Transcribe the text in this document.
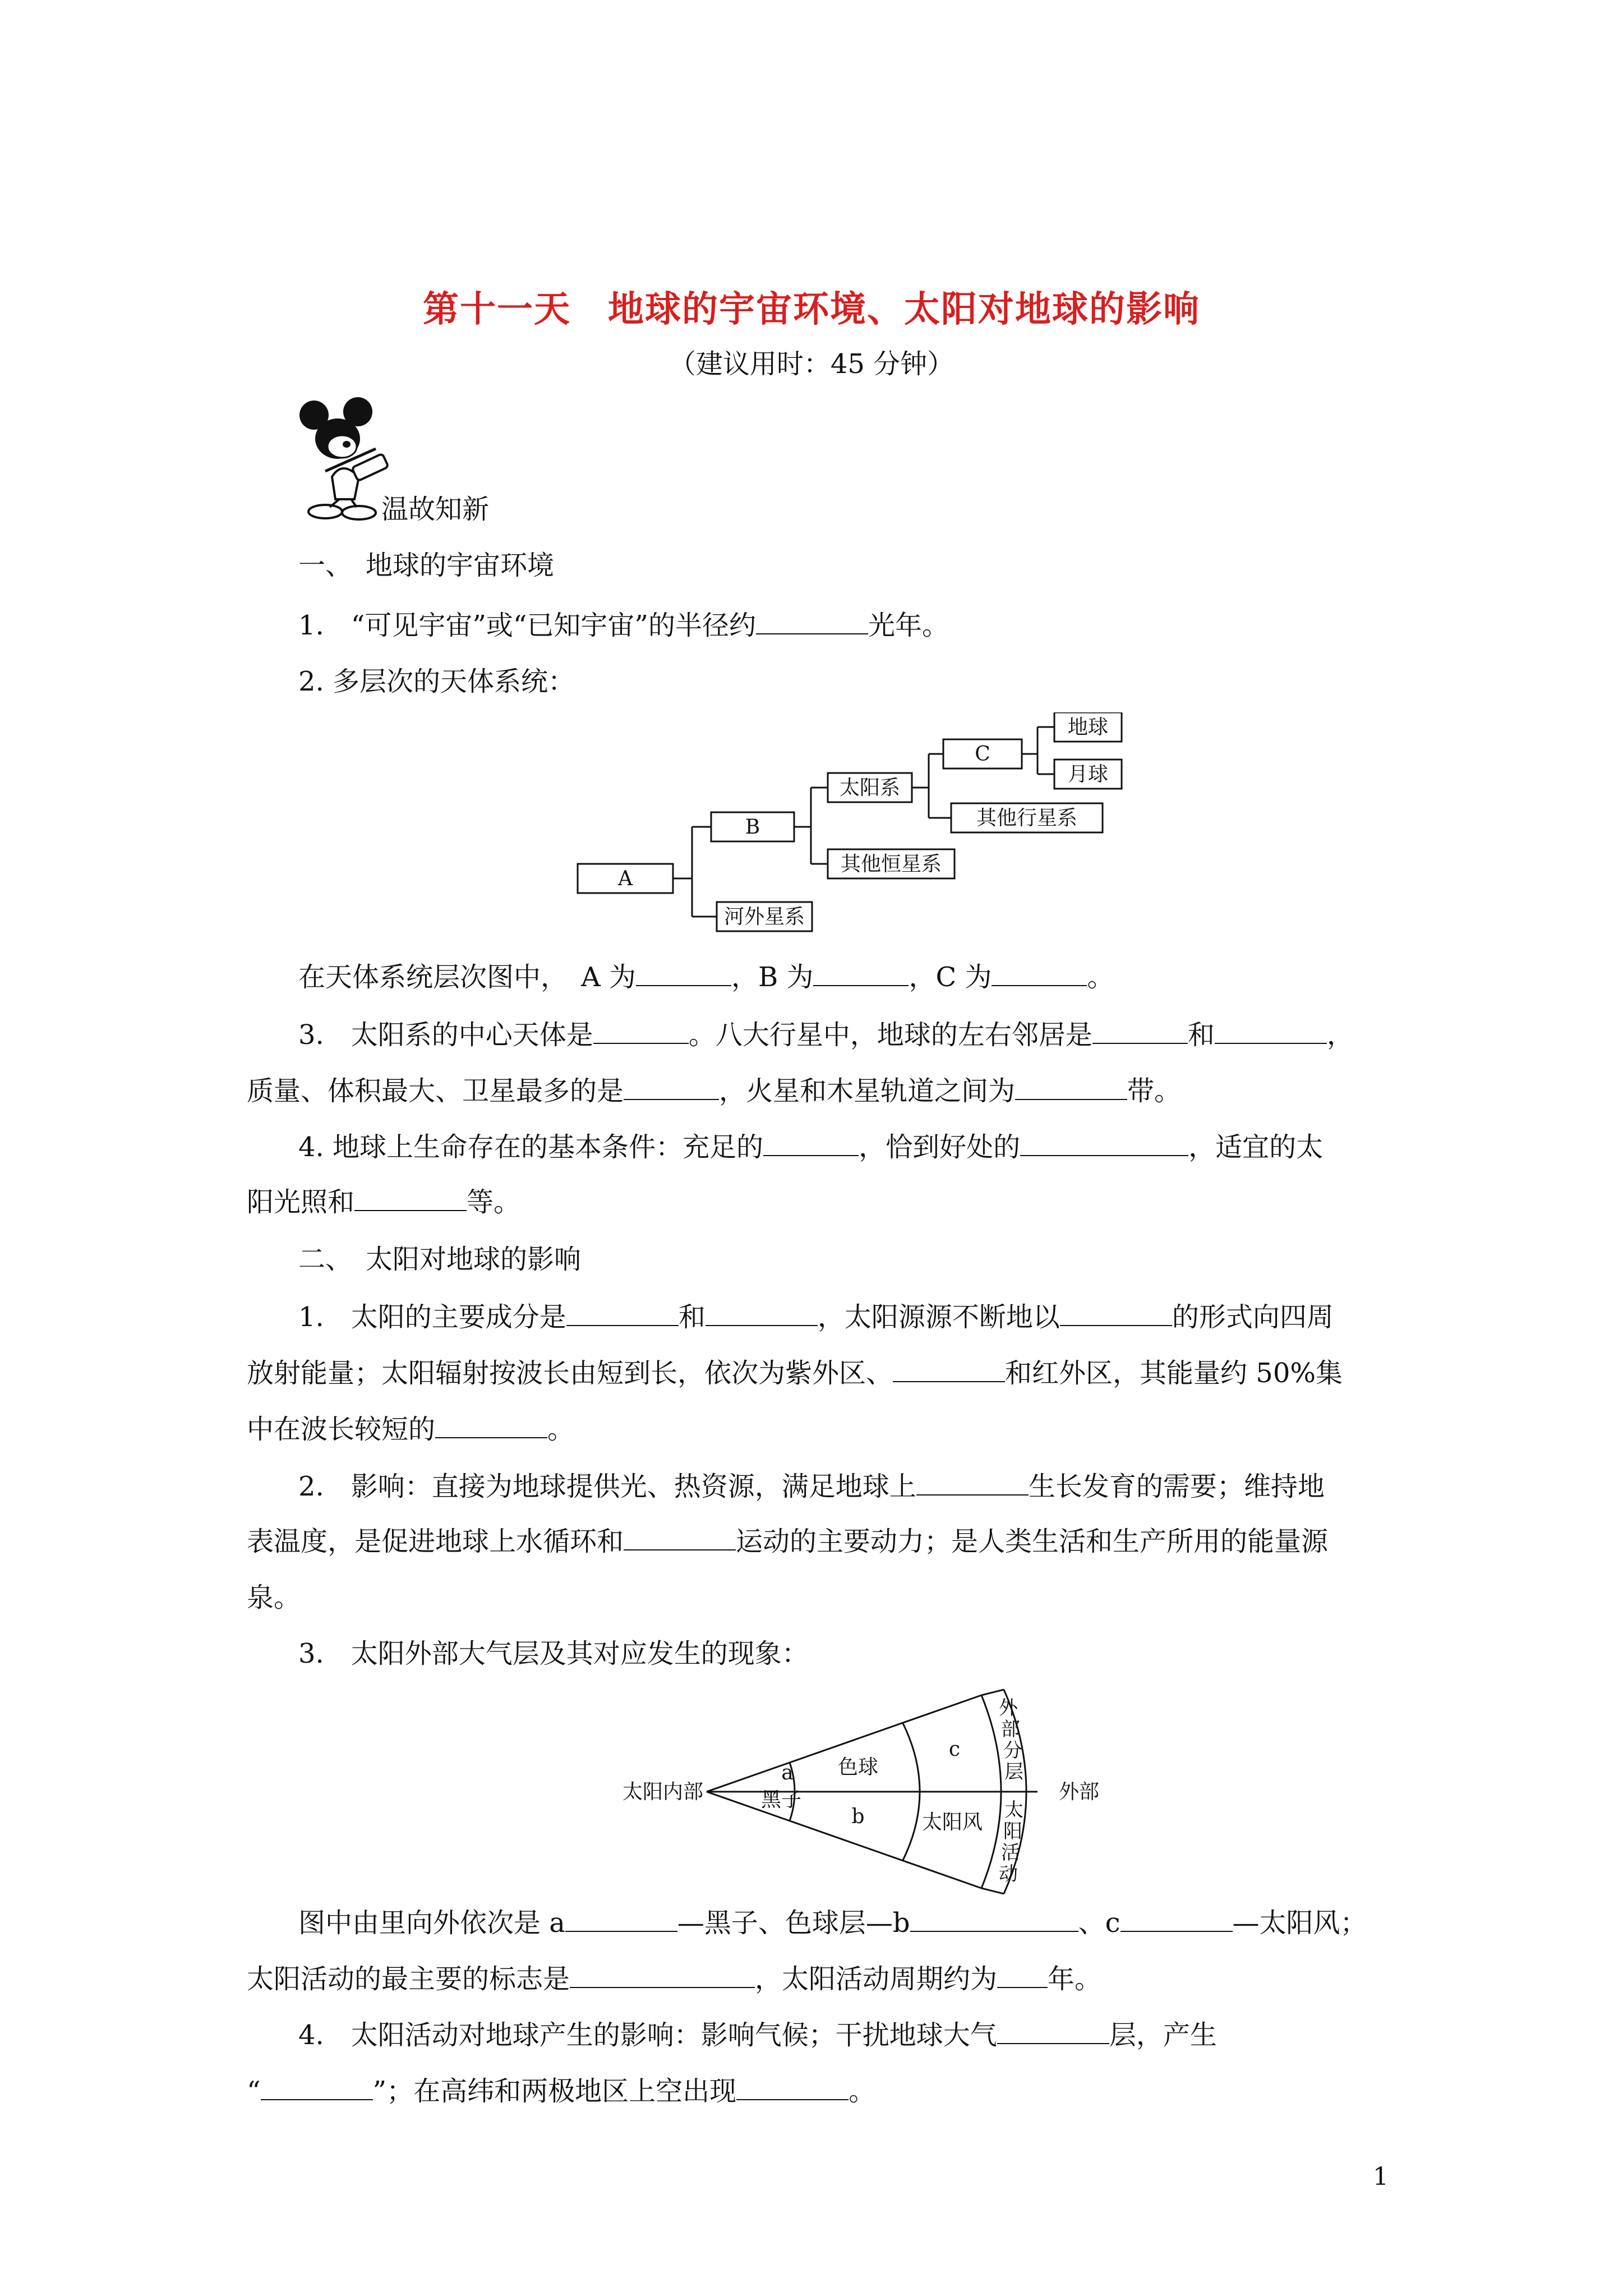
第十一天　地球的宇宙环境、太阳对地球的影响
（建议用时：45 分钟）
温故知新
一、　地球的宇宙环境
1.　“可见宇宙”或“已知宇宙”的半径约	光年。
2. 多层次的天体系统：
A
B
河外星系
太阳系
其他恒星系
C
其他行星系
地球
月球
在天体系统层次图中，　A 为	，B 为	，C 为	。
3.　太阳系的中心天体是	。八大行星中，地球的左右邻居是	和	，
质量、体积最大、卫星最多的是	，火星和木星轨道之间为	带。
4. 地球上生命存在的基本条件：充足的	，恰到好处的	，适宜的太
阳光照和	等。
二、　太阳对地球的影响
1.　太阳的主要成分是	和	，太阳源源不断地以	的形式向四周
放射能量；太阳辐射按波长由短到长，依次为紫外区、	和红外区，其能量约 50%集
中在波长较短的	。
2.　影响：直接为地球提供光、热资源，满足地球上	生长发育的需要；维持地
表温度，是促进地球上水循环和	运动的主要动力；是人类生活和生产所用的能量源
泉。
3.　太阳外部大气层及其对应发生的现象：
太阳内部	外部
a
黑子
色球
b
c
太阳风
外
部
分
层
太
阳
活
动
图中由里向外依次是 a	—黑子、色球层—b	、c	—太阳风；
太阳活动的最主要的标志是	，太阳活动周期约为 年。
4.　太阳活动对地球产生的影响：影响气候；干扰地球大气	层，产生
“	”；在高纬和两极地区上空出现	。
1
